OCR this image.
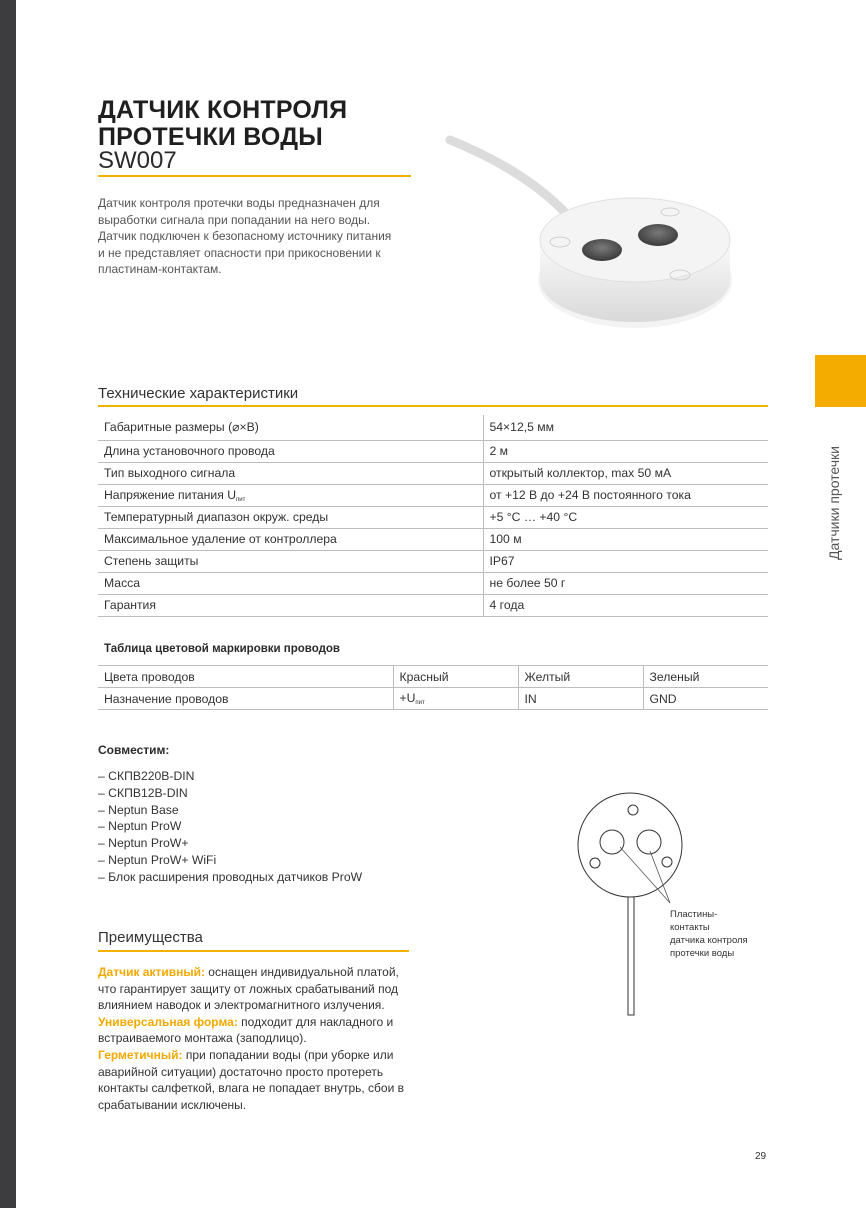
ДАТЧИК КОНТРОЛЯ
ПРОТЕЧКИ ВОДЫ
SW007

Датчик контроля протечки воды предназначен для выработки сигнала при попадании на него воды. Датчик подключен к безопасному источнику питания и не представляет опасности при прикосновении к пластинам-контактам.

Датчики протечки
Технические характеристики
Габаритные размеры (⌀×В)	54×12,5 мм
Длина установочного провода	2 м
Тип выходного сигнала	открытый коллектор, max 50 мА
Напряжение питания $U_{пит}$	от +12 В до +24 В постоянного тока
Температурный диапазон окруж. среды	+5 °C … +40 °C
Максимальное удаление от контроллера	100 м
Степень защиты	IP67
Масса	не более 50 г
Гарантия	4 года
Таблица цветовой маркировки проводов
Цвета проводов	Красный	Желтый	Зеленый
Назначение проводов	$+U_{пит}$	IN	GND
Совместим:
– СКПВ220В-DIN
– СКПВ12В-DIN
– Neptun Base
– Neptun ProW
– Neptun ProW+
– Neptun ProW+ WiFi
– Блок расширения проводных датчиков ProW
Преимущества
Датчик активный: оснащен индивидуальной платой, что гарантирует защиту от ложных срабатываний под влиянием наводок и электромагнитного излучения.
Универсальная форма: подходит для накладного и встраиваемого монтажа (заподлицо).
Герметичный: при попадании воды (при уборке или аварийной ситуации) достаточно просто протереть контакты салфеткой, влага не попадает внутрь, сбои в срабатывании исключены.
Пластины-
контакты
датчика контроля
протечки воды
29
